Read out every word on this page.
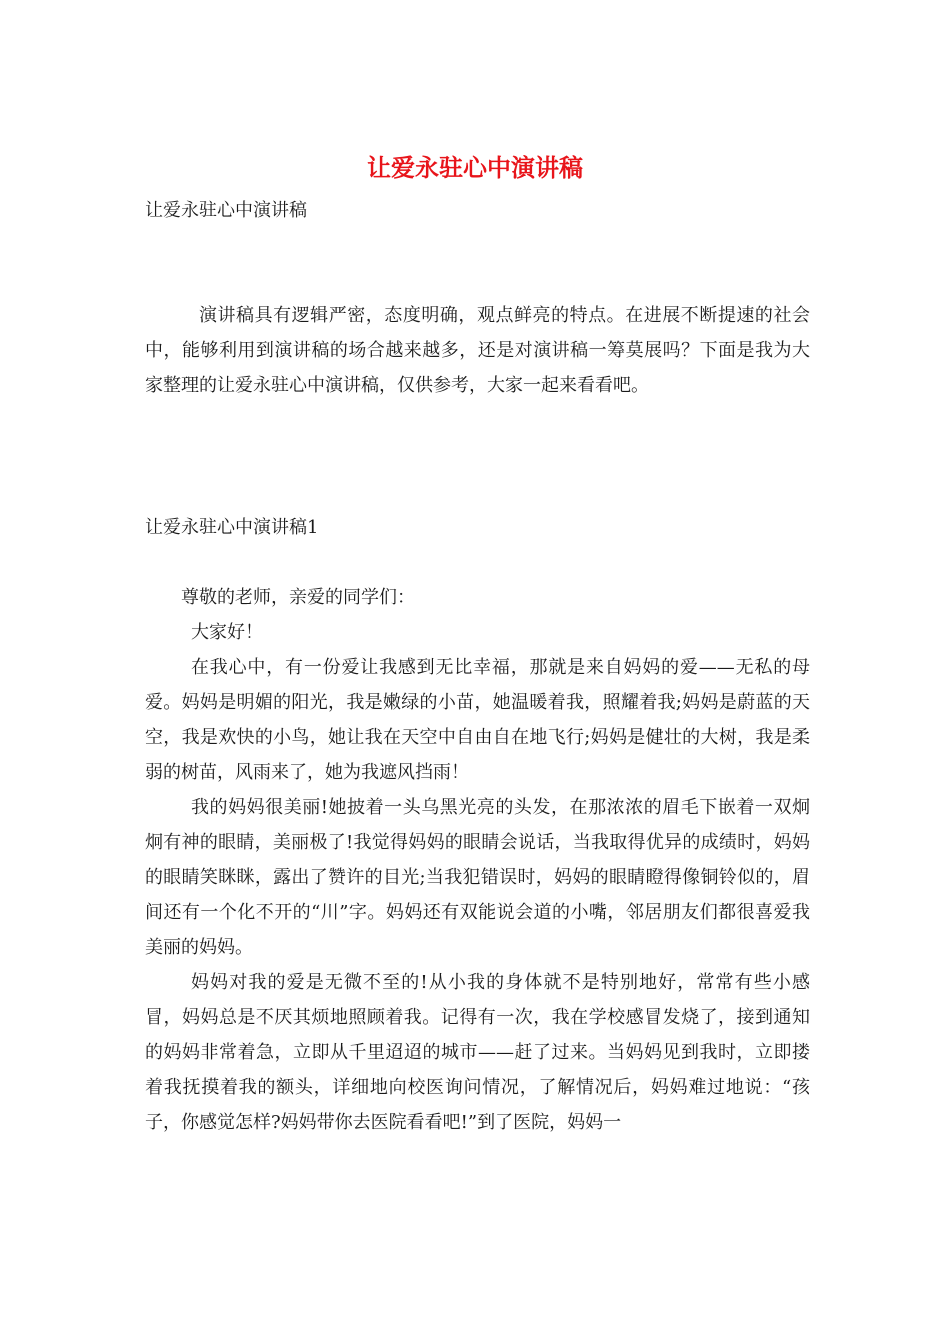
让爱永驻心中演讲稿

让爱永驻心中演讲稿

演讲稿具有逻辑严密，态度明确，观点鲜亮的特点。在进展不断提速的社会中，能够利用到演讲稿的场合越来越多，还是对演讲稿一筹莫展吗？下面是我为大家整理的让爱永驻心中演讲稿，仅供参考，大家一起来看看吧。

让爱永驻心中演讲稿1

尊敬的老师，亲爱的同学们：

大家好！

在我心中，有一份爱让我感到无比幸福，那就是来自妈妈的爱——无私的母爱。妈妈是明媚的阳光，我是嫩绿的小苗，她温暖着我，照耀着我;妈妈是蔚蓝的天空，我是欢快的小鸟，她让我在天空中自由自在地飞行;妈妈是健壮的大树，我是柔弱的树苗，风雨来了，她为我遮风挡雨！

我的妈妈很美丽!她披着一头乌黑光亮的头发，在那浓浓的眉毛下嵌着一双炯炯有神的眼睛，美丽极了!我觉得妈妈的眼睛会说话，当我取得优异的成绩时，妈妈的眼睛笑眯眯，露出了赞许的目光;当我犯错误时，妈妈的眼睛瞪得像铜铃似的，眉间还有一个化不开的“川”字。妈妈还有双能说会道的小嘴，邻居朋友们都很喜爱我美丽的妈妈。

妈妈对我的爱是无微不至的!从小我的身体就不是特别地好，常常有些小感冒，妈妈总是不厌其烦地照顾着我。记得有一次，我在学校感冒发烧了，接到通知的妈妈非常着急，立即从千里迢迢的城市——赶了过来。当妈妈见到我时，立即搂着我抚摸着我的额头，详细地向校医询问情况，了解情况后，妈妈难过地说：“孩子，你感觉怎样?妈妈带你去医院看看吧!”到了医院，妈妈一
